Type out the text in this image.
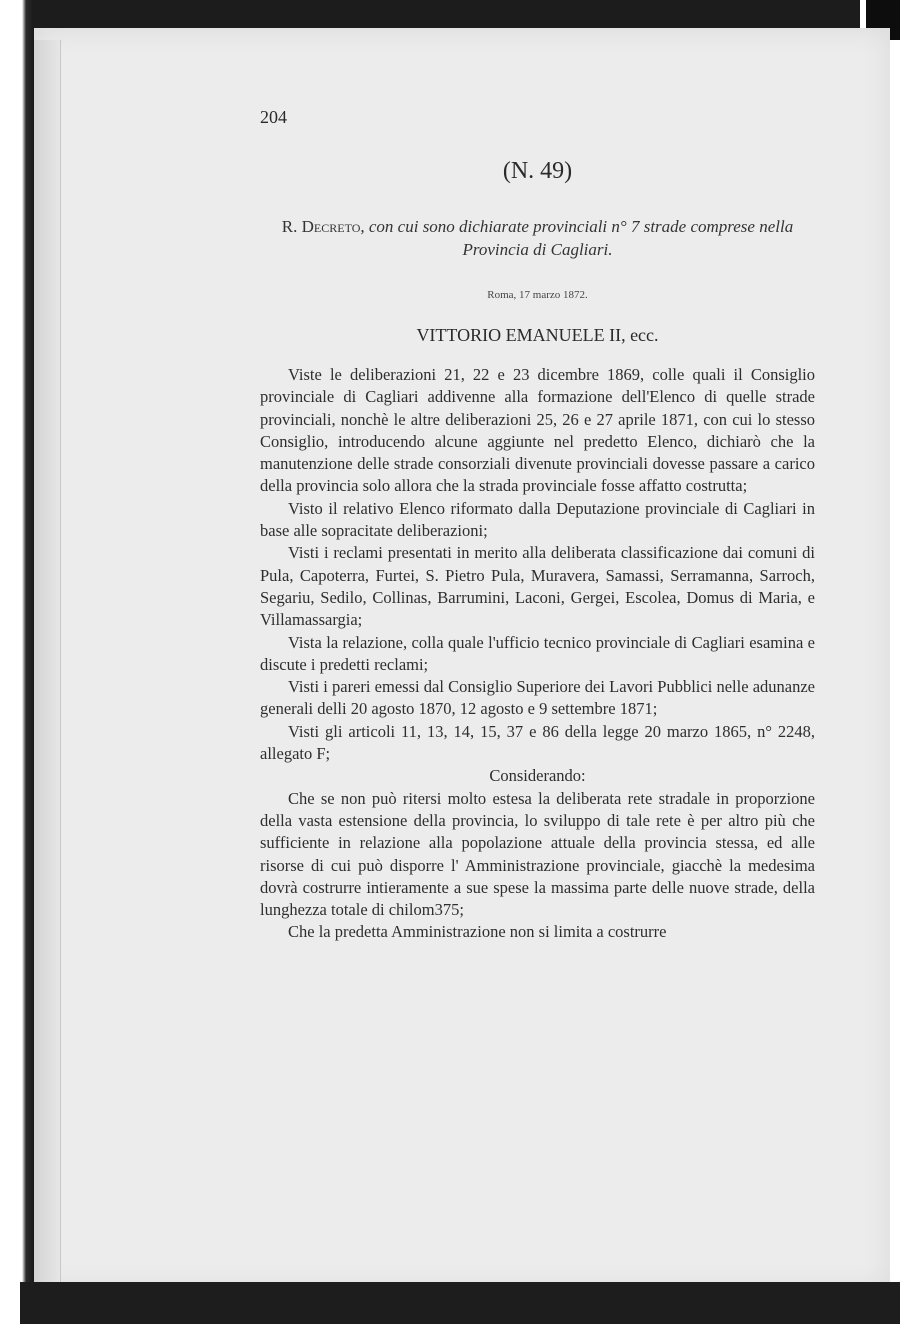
204
(N. 49)
R. Decreto, con cui sono dichiarate provinciali n° 7 strade comprese nella Provincia di Cagliari.
Roma, 17 marzo 1872.
VITTORIO EMANUELE II, ecc.

Viste le deliberazioni 21, 22 e 23 dicembre 1869, colle quali il Consiglio provinciale di Cagliari addivenne alla formazione dell'Elenco di quelle strade provinciali, nonchè le altre deliberazioni 25, 26 e 27 aprile 1871, con cui lo stesso Consiglio, introducendo alcune aggiunte nel predetto Elenco, dichiarò che la manutenzione delle strade consorziali divenute provinciali dovesse passare a carico della provincia solo allora che la strada provinciale fosse affatto costrutta;

Visto il relativo Elenco riformato dalla Deputazione provinciale di Cagliari in base alle sopracitate deliberazioni;

Visti i reclami presentati in merito alla deliberata classificazione dai comuni di Pula, Capoterra, Furtei, S. Pietro Pula, Muravera, Samassi, Serramanna, Sarroch, Segariu, Sedilo, Collinas, Barrumini, Laconi, Gergei, Escolea, Domus di Maria, e Villamassargia;

Vista la relazione, colla quale l'ufficio tecnico provinciale di Cagliari esamina e discute i predetti reclami;

Visti i pareri emessi dal Consiglio Superiore dei Lavori Pubblici nelle adunanze generali delli 20 agosto 1870, 12 agosto e 9 settembre 1871;

Visti gli articoli 11, 13, 14, 15, 37 e 86 della legge 20 marzo 1865, n° 2248, allegato F;

Considerando:

Che se non può ritersi molto estesa la deliberata rete stradale in proporzione della vasta estensione della provincia, lo sviluppo di tale rete è per altro più che sufficiente in relazione alla popolazione attuale della provincia stessa, ed alle risorse di cui può disporre l' Amministrazione provinciale, giacchè la medesima dovrà costrurre intieramente a sue spese la massima parte delle nuove strade, della lunghezza totale di chilom375;

Che la predetta Amministrazione non si limita a costrurre
